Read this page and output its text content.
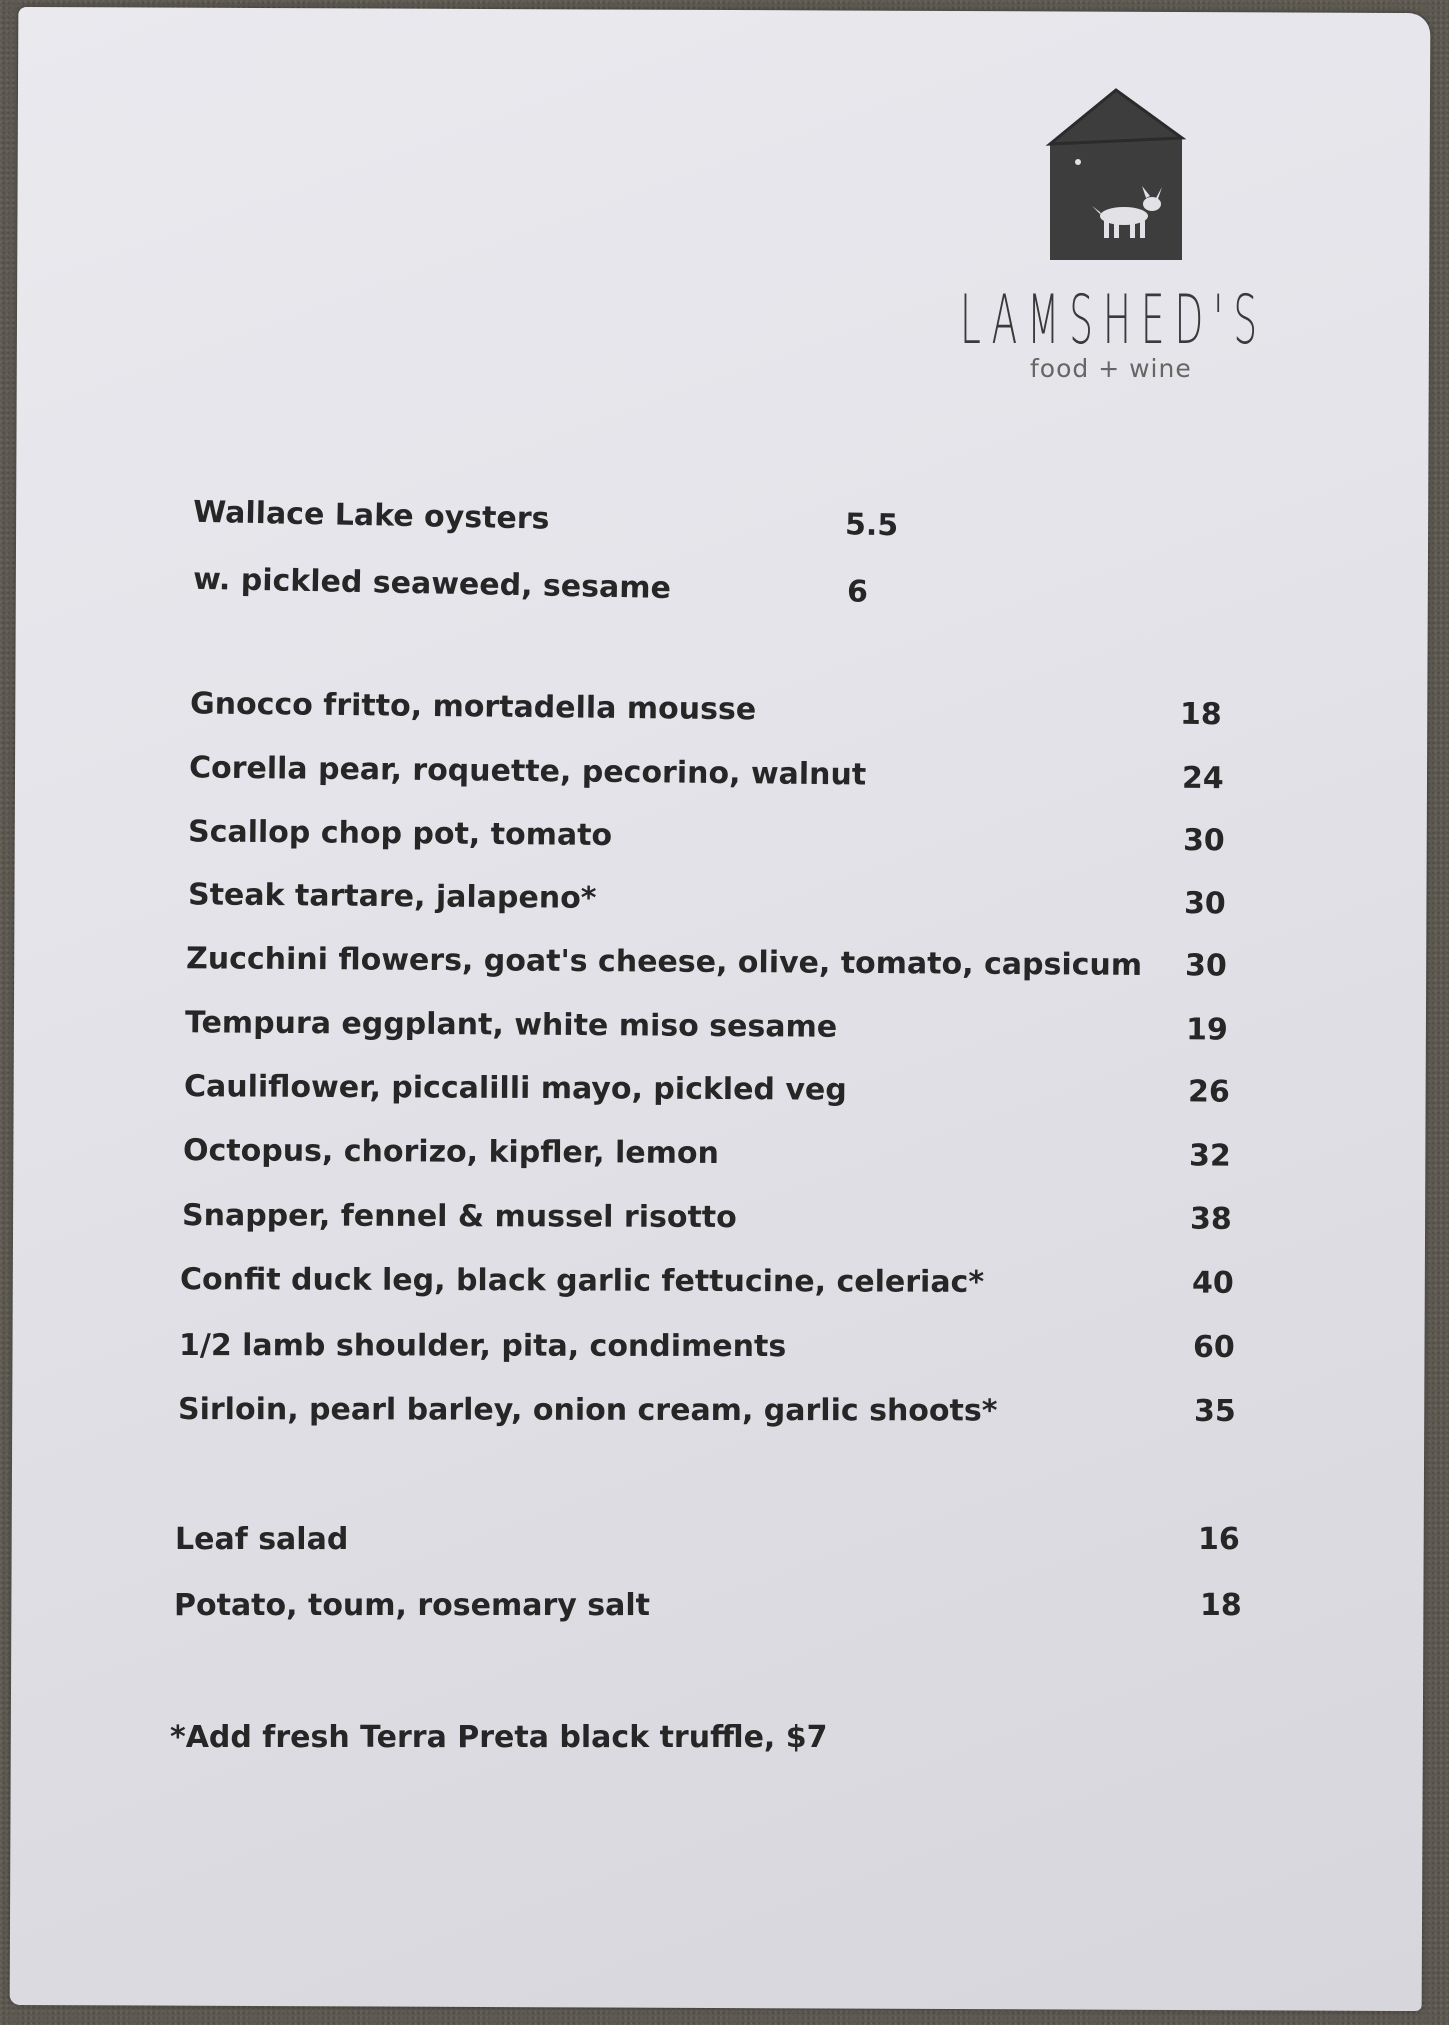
LAMSHED'S
food + wine
Wallace Lake oysters	5.5
w. pickled seaweed, sesame	6
Gnocco fritto, mortadella mousse	18
Corella pear, roquette, pecorino, walnut	24
Scallop chop pot, tomato	30
Steak tartare, jalapeno*	30
Zucchini flowers, goat's cheese, olive, tomato, capsicum 30
Tempura eggplant, white miso sesame	19
Cauliflower, piccalilli mayo, pickled veg	26
Octopus, chorizo, kipfler, lemon	32
Snapper, fennel & mussel risotto	38
Confit duck leg, black garlic fettucine, celeriac*	40
1/2 lamb shoulder, pita, condiments	60
Sirloin, pearl barley, onion cream, garlic shoots*	35
Leaf salad	16
Potato, toum, rosemary salt	18
*Add fresh Terra Preta black truffle, $7
